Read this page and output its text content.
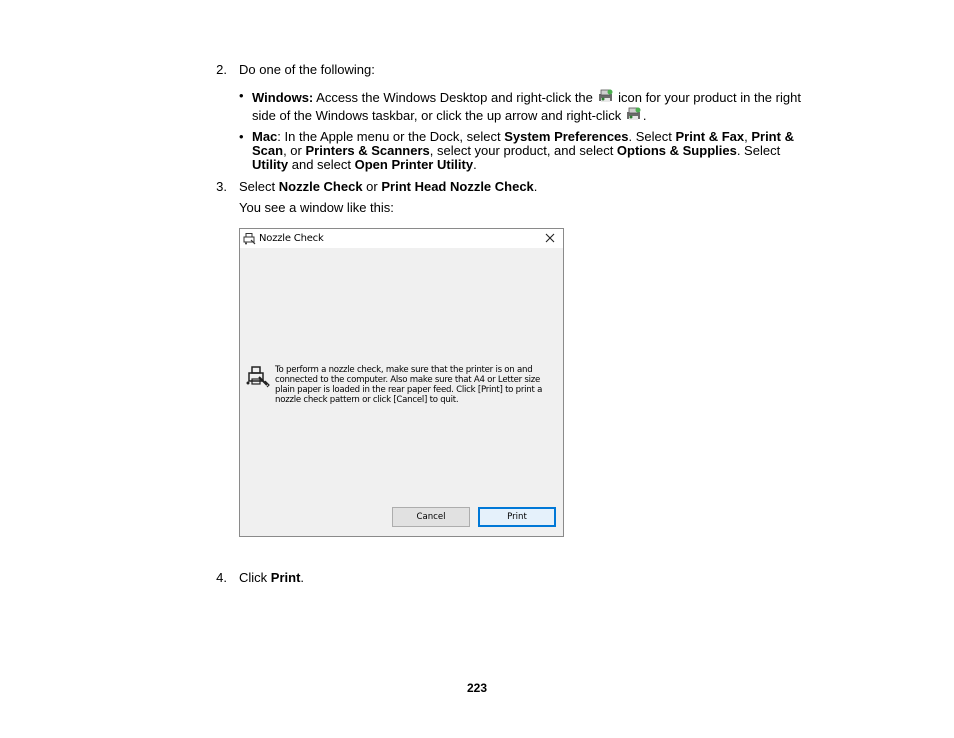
2. Do one of the following:
• Windows: Access the Windows Desktop and right-click the  icon for your product in the right
side of the Windows taskbar, or click the up arrow and right-click .
• Mac: In the Apple menu or the Dock, select System Preferences. Select Print & Fax, Print &
Scan, or Printers & Scanners, select your product, and select Options & Supplies. Select
Utility and select Open Printer Utility.
3. Select Nozzle Check or Print Head Nozzle Check.
You see a window like this:
Nozzle Check
To perform a nozzle check, make sure that the printer is on and connected to the computer. Also make sure that A4 or Letter size plain paper is loaded in the rear paper feed. Click [Print] to print a nozzle check pattern or click [Cancel] to quit.
Cancel	Print
4. Click Print.
223
